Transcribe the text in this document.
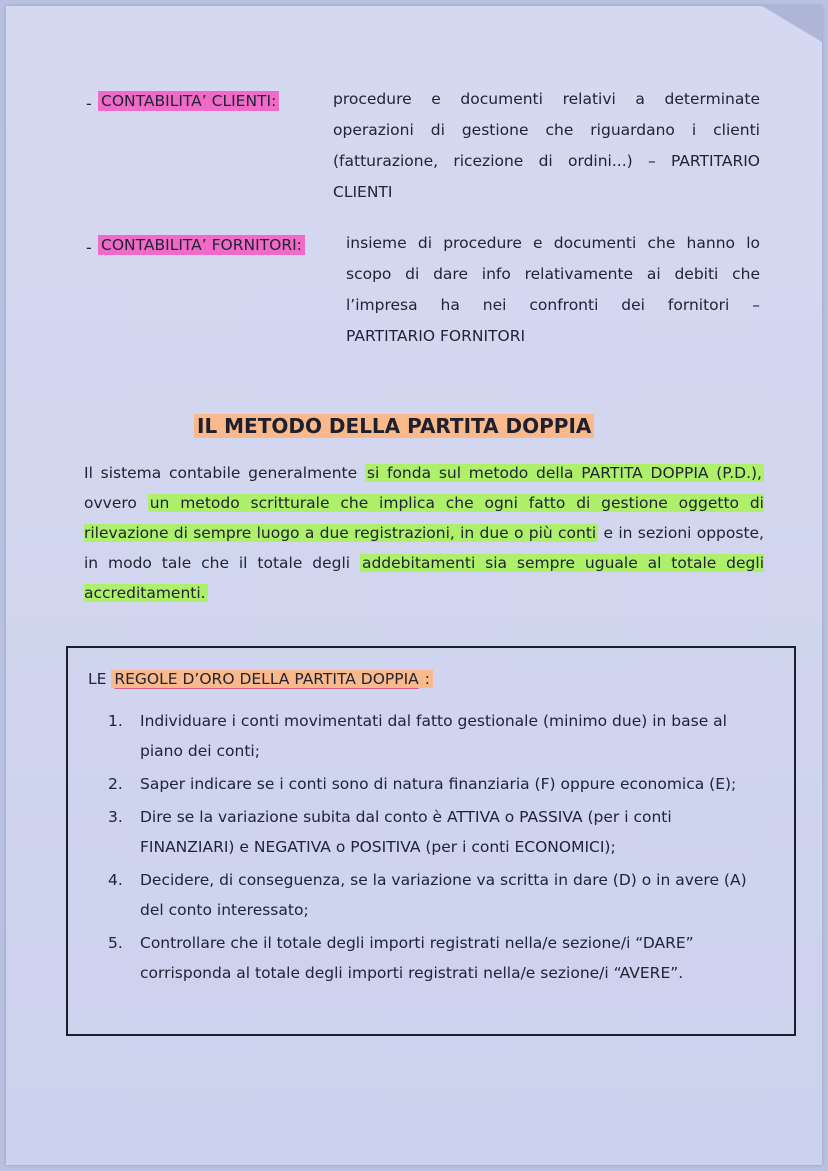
- CONTABILITA’ CLIENTI:	procedure e documenti relativi a determinate
operazioni di gestione che riguardano i clienti
(fatturazione, ricezione di ordini...) – PARTITARIO
CLIENTI
- CONTABILITA’ FORNITORI:	insieme di procedure e documenti che hanno lo
scopo di dare info relativamente ai debiti che
l’impresa ha nei confronti dei fornitori –
PARTITARIO FORNITORI
IL METODO DELLA PARTITA DOPPIA
Il sistema contabile generalmente si fonda sul metodo della PARTITA DOPPIA (P.D.), ovvero un metodo scritturale che implica che ogni fatto di gestione oggetto di rilevazione di sempre luogo a due registrazioni, in due o più conti e in sezioni opposte, in modo tale che il totale degli addebitamenti sia sempre uguale al totale degli accreditamenti.
LE REGOLE D’ORO DELLA PARTITA DOPPIA :
1. Individuare i conti movimentati dal fatto gestionale (minimo due) in base al piano dei conti;
2. Saper indicare se i conti sono di natura finanziaria (F) oppure economica (E);
3. Dire se la variazione subita dal conto è ATTIVA o PASSIVA (per i conti FINANZIARI) e NEGATIVA o POSITIVA (per i conti ECONOMICI);
4. Decidere, di conseguenza, se la variazione va scritta in dare (D) o in avere (A) del conto interessato;
5. Controllare che il totale degli importi registrati nella/e sezione/i “DARE” corrisponda al totale degli importi registrati nella/e sezione/i “AVERE”.
